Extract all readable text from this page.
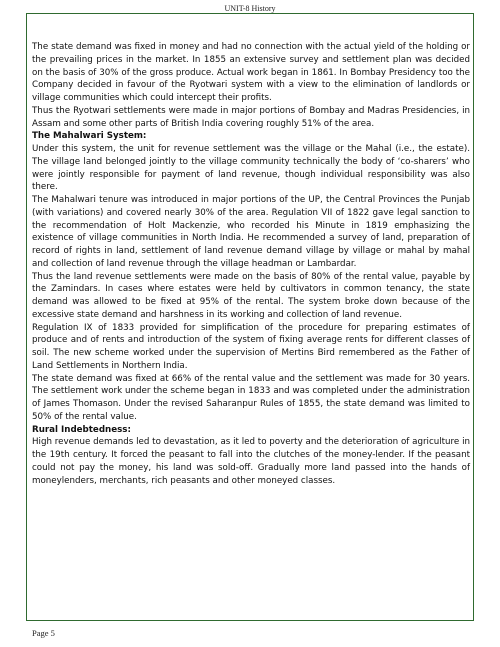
UNIT-8 History

The state demand was fixed in money and had no connection with the actual yield of the holding or the prevailing prices in the market. In 1855 an extensive survey and settlement plan was decided on the basis of 30% of the gross produce. Actual work began in 1861. In Bombay Presidency too the Company decided in favour of the Ryotwari system with a view to the elimination of landlords or village communities which could intercept their profits.

Thus the Ryotwari settlements were made in major portions of Bombay and Madras Presidencies, in Assam and some other parts of British India covering roughly 51% of the area.

The Mahalwari System:

Under this system, the unit for revenue settlement was the village or the Mahal (i.e., the estate). The village land belonged jointly to the village community technically the body of ‘co-sharers’ who were jointly responsible for payment of land revenue, though individual responsibility was also there.

The Mahalwari tenure was introduced in major portions of the UP, the Central Provinces the Punjab (with variations) and covered nearly 30% of the area. Regulation VII of 1822 gave legal sanction to the recommendation of Holt Mackenzie, who recorded his Minute in 1819 emphasizing the existence of village communities in North India. He recommended a survey of land, preparation of record of rights in land, settlement of land revenue demand village by village or mahal by mahal and collection of land revenue through the village headman or Lambardar.

Thus the land revenue settlements were made on the basis of 80% of the rental value, payable by the Zamindars. In cases where estates were held by cultivators in common tenancy, the state demand was allowed to be fixed at 95% of the rental. The system broke down because of the excessive state demand and harshness in its working and collection of land revenue.

Regulation IX of 1833 provided for simplification of the procedure for preparing estimates of produce and of rents and introduction of the system of fixing average rents for different classes of soil. The new scheme worked under the supervision of Mertins Bird remembered as the Father of Land Settlements in Northern India.

The state demand was fixed at 66% of the rental value and the settlement was made for 30 years. The settlement work under the scheme began in 1833 and was completed under the administration of James Thomason. Under the revised Saharanpur Rules of 1855, the state demand was limited to 50% of the rental value.

Rural Indebtedness:

High revenue demands led to devastation, as it led to poverty and the deterioration of agriculture in the 19th century. It forced the peasant to fall into the clutches of the money-lender. If the peasant could not pay the money, his land was sold-off. Gradually more land passed into the hands of moneylenders, merchants, rich peasants and other moneyed classes.

Page 5
